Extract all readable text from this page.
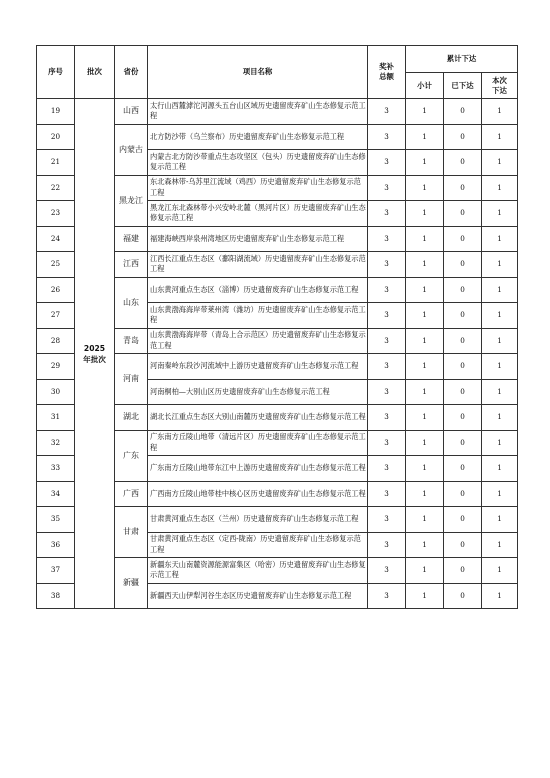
序号	批次	省份	项目名称	奖补总额	累计下达		
					小计	已下达	本次下达
19	2025年批次	山西	太行山西麓滹沱河源头五台山区域历史遗留废弃矿山生态修复示范工程	3	1	0	1
20		内蒙古	北方防沙带（乌兰察布）历史遗留废弃矿山生态修复示范工程	3	1	0	1
21			内蒙古北方防沙带重点生态攻坚区（包头）历史遗留废弃矿山生态修复示范工程	3	1	0	1
22		黑龙江	东北森林带-乌苏里江流域（鸡西）历史遗留废弃矿山生态修复示范工程	3	1	0	1
23			黑龙江东北森林带小兴安岭北麓（黑河片区）历史遗留废弃矿山生态修复示范工程	3	1	0	1
24		福建	福建海峡西岸泉州湾地区历史遗留废弃矿山生态修复示范工程	3	1	0	1
25		江西	江西长江重点生态区（鄱阳湖流域）历史遗留废弃矿山生态修复示范工程	3	1	0	1
26		山东	山东黄河重点生态区（淄博）历史遗留废弃矿山生态修复示范工程	3	1	0	1
27			山东黄渤海海岸带莱州湾（潍坊）历史遗留废弃矿山生态修复示范工程	3	1	0	1
28		青岛	山东黄渤海海岸带（青岛上合示范区）历史遗留废弃矿山生态修复示范工程	3	1	0	1
29		河南	河南秦岭东段沙河流域中上游历史遗留废弃矿山生态修复示范工程	3	1	0	1
30			河南桐柏—大别山区历史遗留废弃矿山生态修复示范工程	3	1	0	1
31		湖北	湖北长江重点生态区大别山南麓历史遗留废弃矿山生态修复示范工程	3	1	0	1
32		广东	广东南方丘陵山地带（清远片区）历史遗留废弃矿山生态修复示范工程	3	1	0	1
33			广东南方丘陵山地带东江中上游历史遗留废弃矿山生态修复示范工程	3	1	0	1
34		广西	广西南方丘陵山地带桂中核心区历史遗留废弃矿山生态修复示范工程	3	1	0	1
35		甘肃	甘肃黄河重点生态区（兰州）历史遗留废弃矿山生态修复示范工程	3	1	0	1
36			甘肃黄河重点生态区（定西-陇南）历史遗留废弃矿山生态修复示范工程	3	1	0	1
37		新疆	新疆东天山南麓资源能源富集区（哈密）历史遗留废弃矿山生态修复示范工程	3	1	0	1
38			新疆西天山伊犁河谷生态区历史遗留废弃矿山生态修复示范工程	3	1	0	1
